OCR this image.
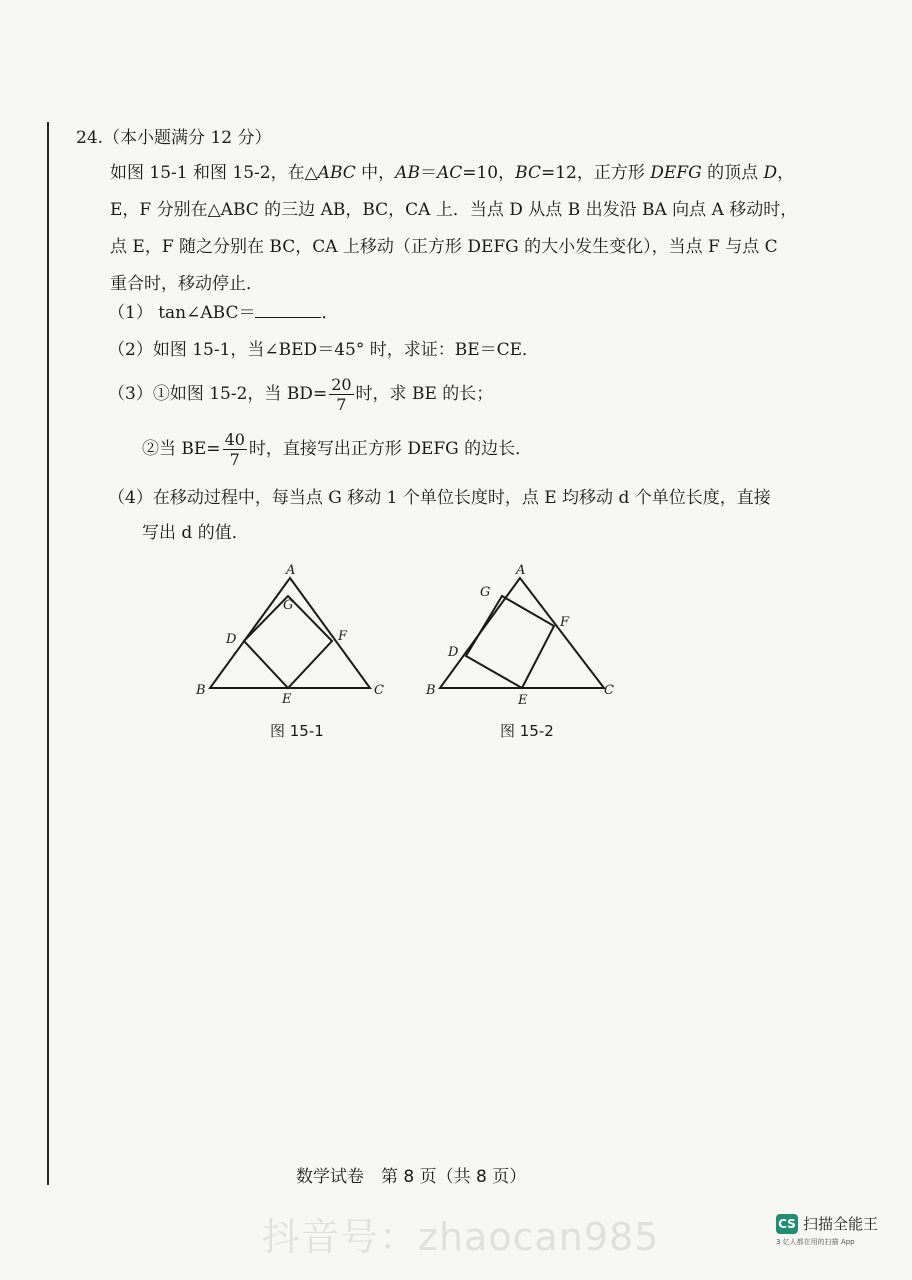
24.（本小题满分 12 分）
如图 15-1 和图 15-2，在△ABC 中，AB＝AC=10，BC=12，正方形 DEFG 的顶点 D，
E，F 分别在△ABC 的三边 AB，BC，CA 上．当点 D 从点 B 出发沿 BA 向点 A 移动时，
点 E，F 随之分别在 BC，CA 上移动（正方形 DEFG 的大小发生变化），当点 F 与点 C
重合时，移动停止．
（1） tan∠ABC＝	．
（2）如图 15-1，当∠BED＝45° 时，求证：BE＝CE．
（3）①如图 15-2，当 $BD= \frac{20}{7}$ 时，求 BE 的长；
②当 $BE= \frac{40}{7}$ 时，直接写出正方形 DEFG 的边长．
（4）在移动过程中，每当点 G 移动 1 个单位长度时，点 E 均移动 d 个单位长度，直接
写出 d 的值．
A
B	C
D
E
F
G
图 15-1
A
B	C
D
E
F
G
图 15-2
数学试卷　第 8 页（共 8 页）
抖音号：zhaocan985	CS 扫描全能王
3 亿人都在用的扫描 App
